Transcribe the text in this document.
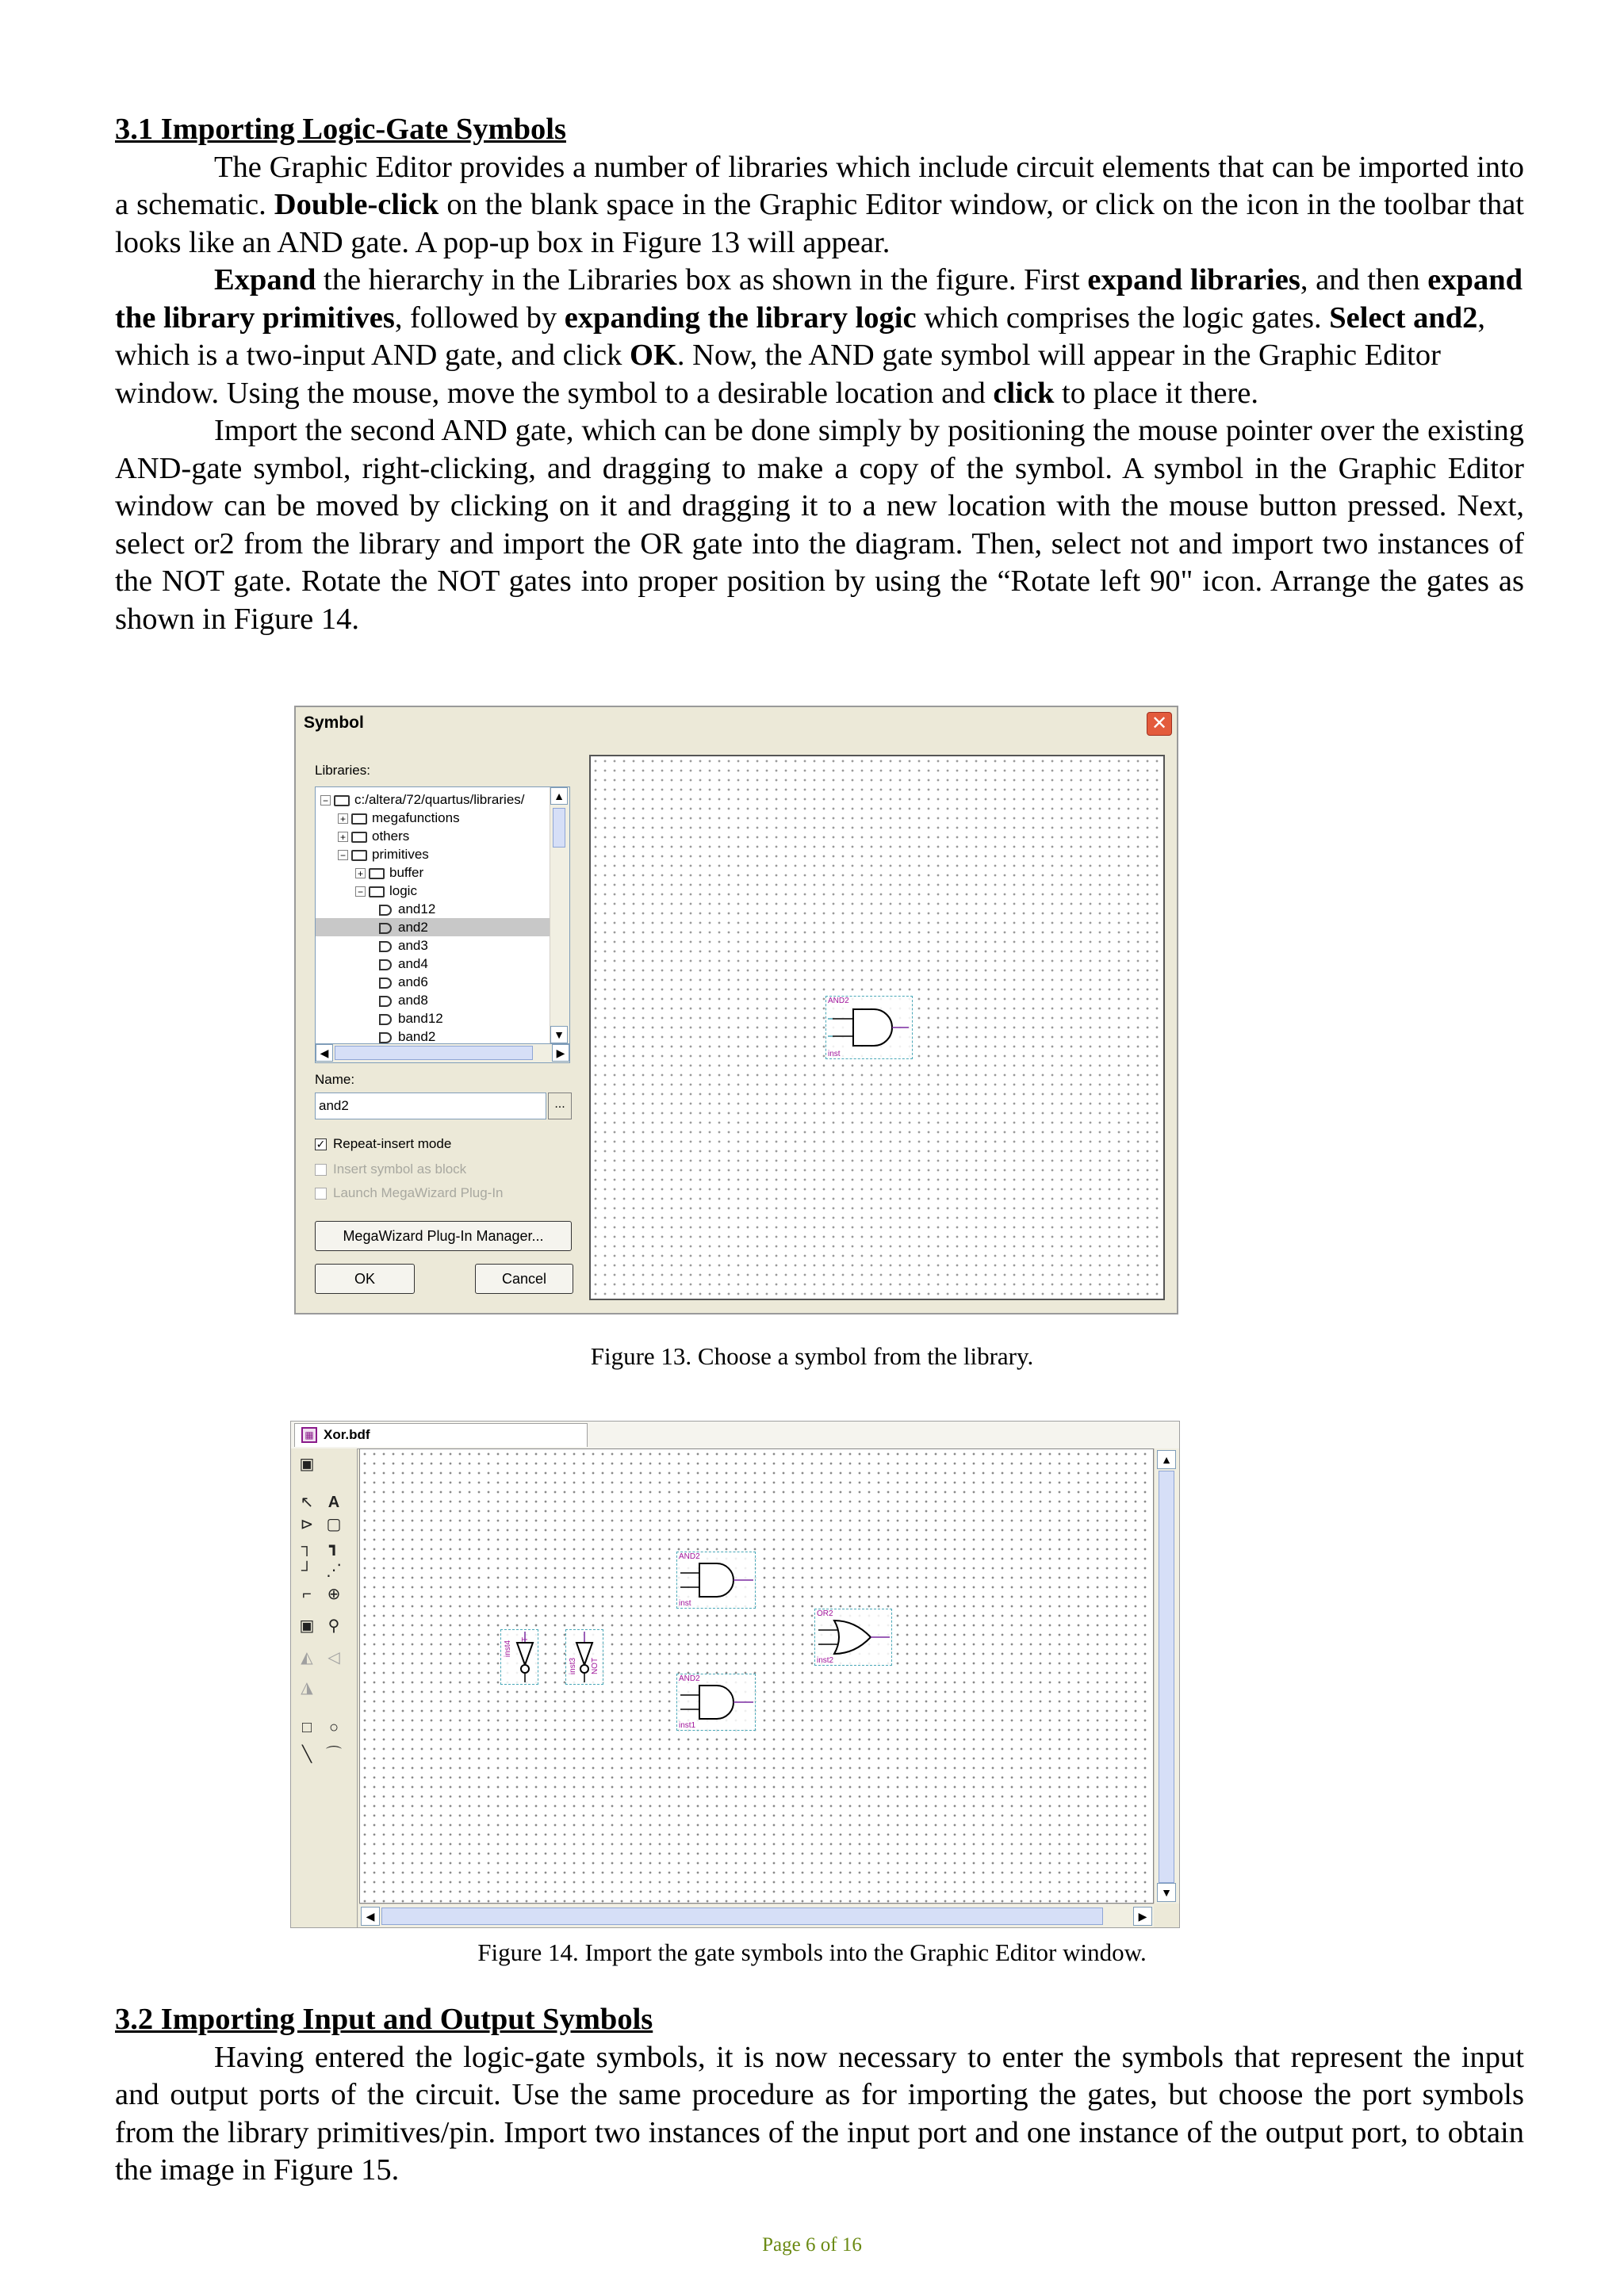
3.1 Importing Logic-Gate Symbols

The Graphic Editor provides a number of libraries which include circuit elements that can be imported into a schematic. Double-click on the blank space in the Graphic Editor window, or click on the icon in the toolbar that looks like an AND gate. A pop-up box in Figure 13 will appear.

Expand the hierarchy in the Libraries box as shown in the figure. First expand libraries, and then expand the library primitives, followed by expanding the library logic which comprises the logic gates. Select and2, which is a two-input AND gate, and click OK. Now, the AND gate symbol will appear in the Graphic Editor window. Using the mouse, move the symbol to a desirable location and click to place it there.

Import the second AND gate, which can be done simply by positioning the mouse pointer over the existing AND-gate symbol, right-clicking, and dragging to make a copy of the symbol. A symbol in the Graphic Editor window can be moved by clicking on it and dragging it to a new location with the mouse button pressed. Next, select or2 from the library and import the OR gate into the diagram. Then, select not and import two instances of the NOT gate. Rotate the NOT gates into proper position by using the “Rotate left 90" icon. Arrange the gates as shown in Figure 14.

Symbol	✕
Libraries:
band2
band12
and8
and6
and4
and3
and2
and12
− logic
+ buffer
− primitives
+ others
+ megafunctions
− c:/altera/72/quartus/libraries/	▲
▼
◀	▶
Name:
and2	...
✓ Repeat-insert mode
Insert symbol as block
Launch MegaWizard Plug-In
MegaWizard Plug-In Manager...
OK	Cancel
AND2
inst
Figure 13. Choose a symbol from the library.
▦ Xor.bdf
▣
↖ A
⊳ ▢
┐	┓
┘ ⋰
⌐ ⊕
▣ ⚲
◭ ◁
◮
□	○
╲ ⌒
AND2
inst
OR2
inst2
AND2
inst1
inst4
inst3 NOT
▲
▼
◀	▶
Figure 14. Import the gate symbols into the Graphic Editor window.
3.2 Importing Input and Output Symbols

Having entered the logic-gate symbols, it is now necessary to enter the symbols that represent the input and output ports of the circuit. Use the same procedure as for importing the gates, but choose the port symbols from the library primitives/pin. Import two instances of the input port and one instance of the output port, to obtain the image in Figure 15.

Page 6 of 16
